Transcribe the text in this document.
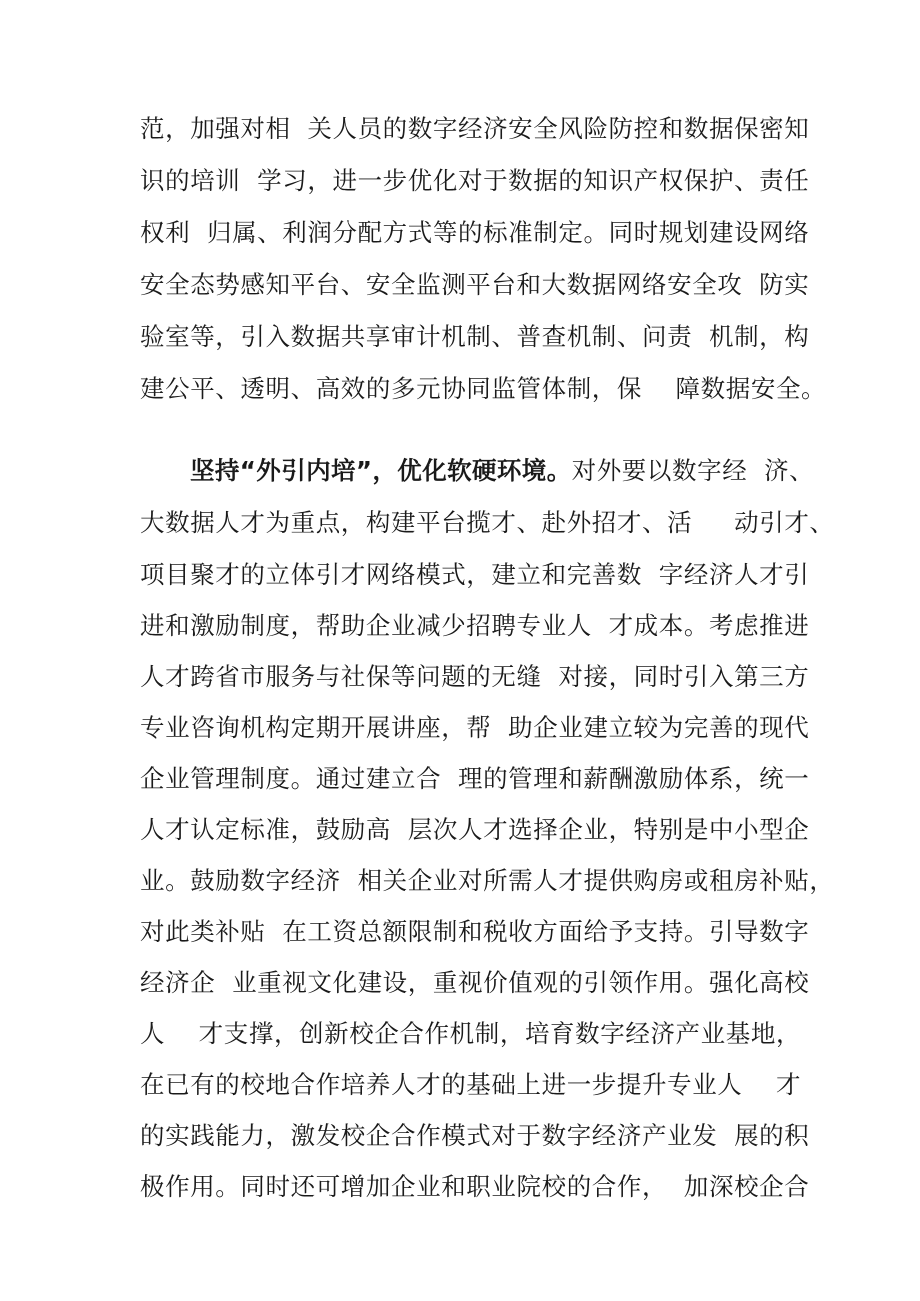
范，加强对相  关人员的数字经济安全风险防控和数据保密知
识的培训  学习，进一步优化对于数据的知识产权保护、责任
权利  归属、利润分配方式等的标准制定。同时规划建设网络
安全态势感知平台、安全监测平台和大数据网络安全攻  防实
验室等，引入数据共享审计机制、普查机制、问责  机制，构
建公平、透明、高效的多元协同监管体制，保    障数据安全。
坚持“外引内培”，优化软硬环境。对外要以数字经  济、
大数据人才为重点，构建平台揽才、赴外招才、活     动引才、
项目聚才的立体引才网络模式，建立和完善数  字经济人才引
进和激励制度，帮助企业减少招聘专业人  才成本。考虑推进
人才跨省市服务与社保等问题的无缝  对接，同时引入第三方
专业咨询机构定期开展讲座，帮  助企业建立较为完善的现代
企业管理制度。通过建立合  理的管理和薪酬激励体系，统一
人才认定标准，鼓励高  层次人才选择企业，特别是中小型企
业。鼓励数字经济  相关企业对所需人才提供购房或租房补贴，
对此类补贴  在工资总额限制和税收方面给予支持。引导数字
经济企  业重视文化建设，重视价值观的引领作用。强化高校
人    才支撑，创新校企合作机制，培育数字经济产业基地，
在已有的校地合作培养人才的基础上进一步提升专业人    才
的实践能力，激发校企合作模式对于数字经济产业发  展的积
极作用。同时还可增加企业和职业院校的合作，  加深校企合
